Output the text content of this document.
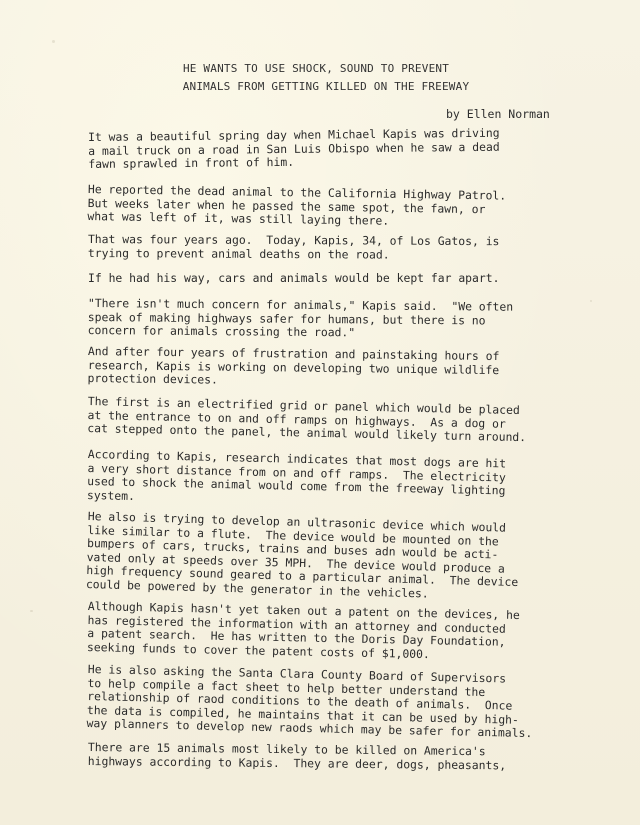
HE WANTS TO USE SHOCK, SOUND TO PREVENT
ANIMALS FROM GETTING KILLED ON THE FREEWAY
by Ellen Norman

It was a beautiful spring day when Michael Kapis was driving
a mail truck on a road in San Luis Obispo when he saw a dead
fawn sprawled in front of him.

He reported the dead animal to the California Highway Patrol.
But weeks later when he passed the same spot, the fawn, or
what was left of it, was still laying there.

That was four years ago.  Today, Kapis, 34, of Los Gatos, is
trying to prevent animal deaths on the road.

If he had his way, cars and animals would be kept far apart.

"There isn't much concern for animals," Kapis said.  "We often
speak of making highways safer for humans, but there is no
concern for animals crossing the road."

And after four years of frustration and painstaking hours of
research, Kapis is working on developing two unique wildlife
protection devices.

The first is an electrified grid or panel which would be placed
at the entrance to on and off ramps on highways.  As a dog or
cat stepped onto the panel, the animal would likely turn around.

According to Kapis, research indicates that most dogs are hit
a very short distance from on and off ramps.  The electricity
used to shock the animal would come from the freeway lighting
system.

He also is trying to develop an ultrasonic device which would
like similar to a flute.  The device would be mounted on the
bumpers of cars, trucks, trains and buses adn would be acti-
vated only at speeds over 35 MPH.  The device would produce a
high frequency sound geared to a particular animal.  The device
could be powered by the generator in the vehicles.

Although Kapis hasn't yet taken out a patent on the devices, he
has registered the information with an attorney and conducted
a patent search.  He has written to the Doris Day Foundation,
seeking funds to cover the patent costs of $1,000.

He is also asking the Santa Clara County Board of Supervisors
to help compile a fact sheet to help better understand the
relationship of raod conditions to the death of animals.  Once
the data is compiled, he maintains that it can be used by high-
way planners to develop new raods which may be safer for animals.

There are 15 animals most likely to be killed on America's
highways according to Kapis.  They are deer, dogs, pheasants,
